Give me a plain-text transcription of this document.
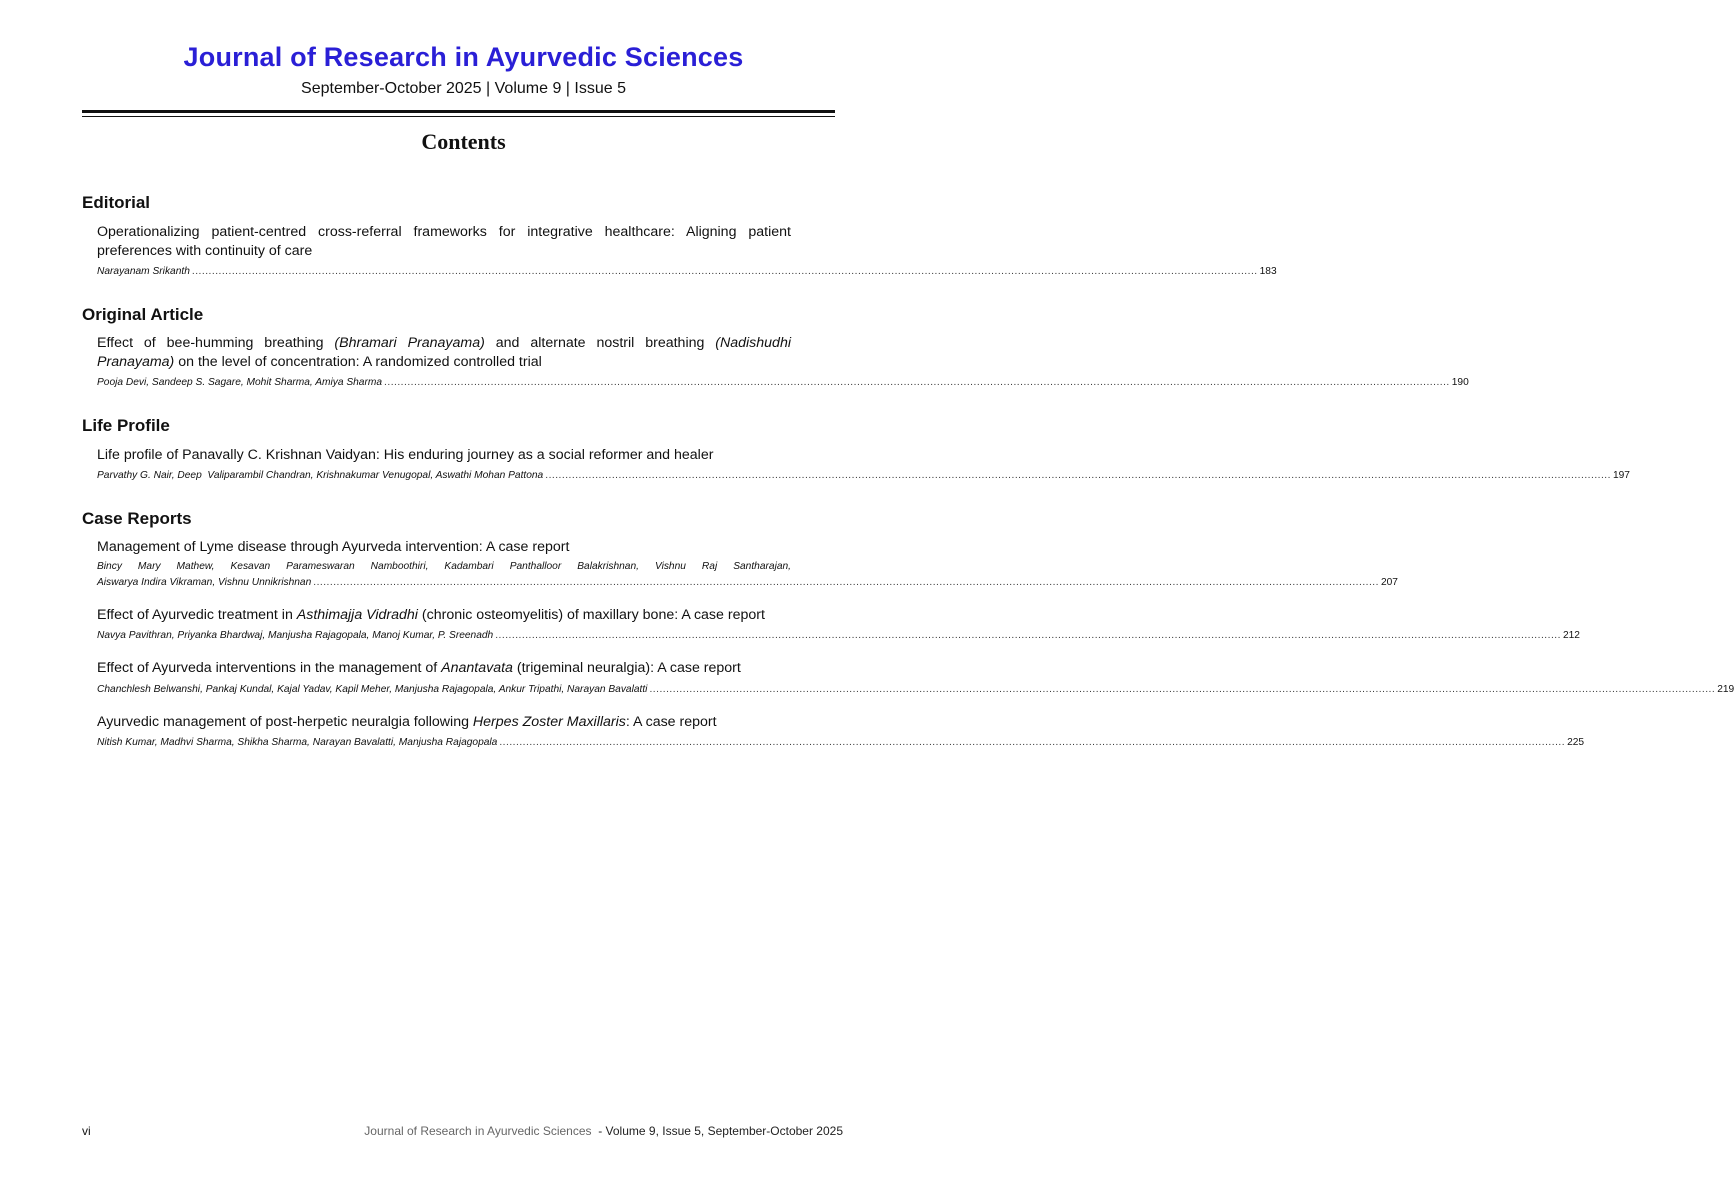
Journal of Research in Ayurvedic Sciences
September-October 2025 | Volume 9 | Issue 5
Contents
Editorial
Operationalizing patient-centred cross-referral frameworks for integrative healthcare: Aligning patient preferences with continuity of care
Narayanam Srikanth ................................................................................................................................................................................................................................................................................................................................ 183
Original Article
Effect of bee-humming breathing (Bhramari Pranayama) and alternate nostril breathing (Nadishudhi Pranayama) on the level of concentration: A randomized controlled trial
Pooja Devi, Sandeep S. Sagare, Mohit Sharma, Amiya Sharma ................................................................................................................................................................................................................................................................................................................................ 190
Life Profile
Life profile of Panavally C. Krishnan Vaidyan: His enduring journey as a social reformer and healer
Parvathy G. Nair, Deep  Valiparambil Chandran, Krishnakumar Venugopal, Aswathi Mohan Pattona ................................................................................................................................................................................................................................................................................................................................ 197
Case Reports
Management of Lyme disease through Ayurveda intervention: A case report
Bincy Mary Mathew, Kesavan Parameswaran Namboothiri, Kadambari Panthalloor Balakrishnan, Vishnu Raj Santharajan,
Aiswarya Indira Vikraman, Vishnu Unnikrishnan ................................................................................................................................................................................................................................................................................................................................ 207
Effect of Ayurvedic treatment in Asthimajja Vidradhi (chronic osteomyelitis) of maxillary bone: A case report
Navya Pavithran, Priyanka Bhardwaj, Manjusha Rajagopala, Manoj Kumar, P. Sreenadh ................................................................................................................................................................................................................................................................................................................................ 212
Effect of Ayurveda interventions in the management of Anantavata (trigeminal neuralgia): A case report
Chanchlesh Belwanshi, Pankaj Kundal, Kajal Yadav, Kapil Meher, Manjusha Rajagopala, Ankur Tripathi, Narayan Bavalatti ................................................................................................................................................................................................................................................................................................................................ 219
Ayurvedic management of post-herpetic neuralgia following Herpes Zoster Maxillaris: A case report
Nitish Kumar, Madhvi Sharma, Shikha Sharma, Narayan Bavalatti, Manjusha Rajagopala ................................................................................................................................................................................................................................................................................................................................ 225
vi	Journal of Research in Ayurvedic Sciences  - Volume 9, Issue 5, September-October 2025
